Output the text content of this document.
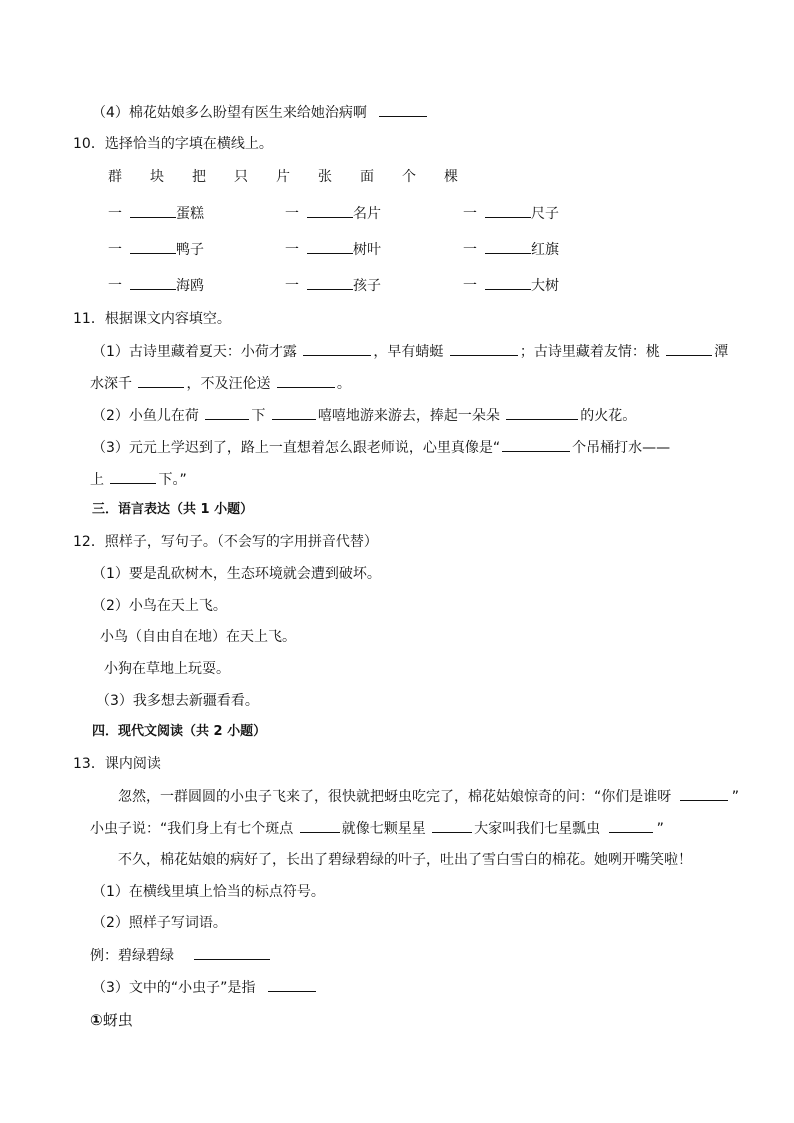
（4）棉花姑娘多么盼望有医生来给她治病啊
10．选择恰当的字填在横线上。
群 块 把 只 片 张 面 个 棵
一	蛋糕	一	名片	一	尺子
一	鸭子	一	树叶	一	红旗
一	海鸥	一	孩子	一	大树
11．根据课文内容填空。
（1）古诗里藏着夏天：小荷才露	，早有蜻蜓	；古诗里藏着友情：桃	潭
水深千	，不及汪伦送	。
（2）小鱼儿在荷	下	嘻嘻地游来游去，捧起一朵朵	的火花。
（3）元元上学迟到了，路上一直想着怎么跟老师说，心里真像是“	个吊桶打水——
上	下。”
三．语言表达（共 1 小题）
12．照样子，写句子。（不会写的字用拼音代替）
（1）要是乱砍树木，生态环境就会遭到破坏。
（2）小鸟在天上飞。
小鸟（自由自在地）在天上飞。
小狗在草地上玩耍。
（3）我多想去新疆看看。
四．现代文阅读（共 2 小题）
13．课内阅读
忽然，一群圆圆的小虫子飞来了，很快就把蚜虫吃完了，棉花姑娘惊奇的问：“你们是谁呀	”
小虫子说：“我们身上有七个斑点	就像七颗星星	大家叫我们七星瓢虫	”
不久，棉花姑娘的病好了，长出了碧绿碧绿的叶子，吐出了雪白雪白的棉花。她咧开嘴笑啦！
（1）在横线里填上恰当的标点符号。
（2）照样子写词语。
例：碧绿碧绿
（3）文中的“小虫子”是指
①蚜虫
